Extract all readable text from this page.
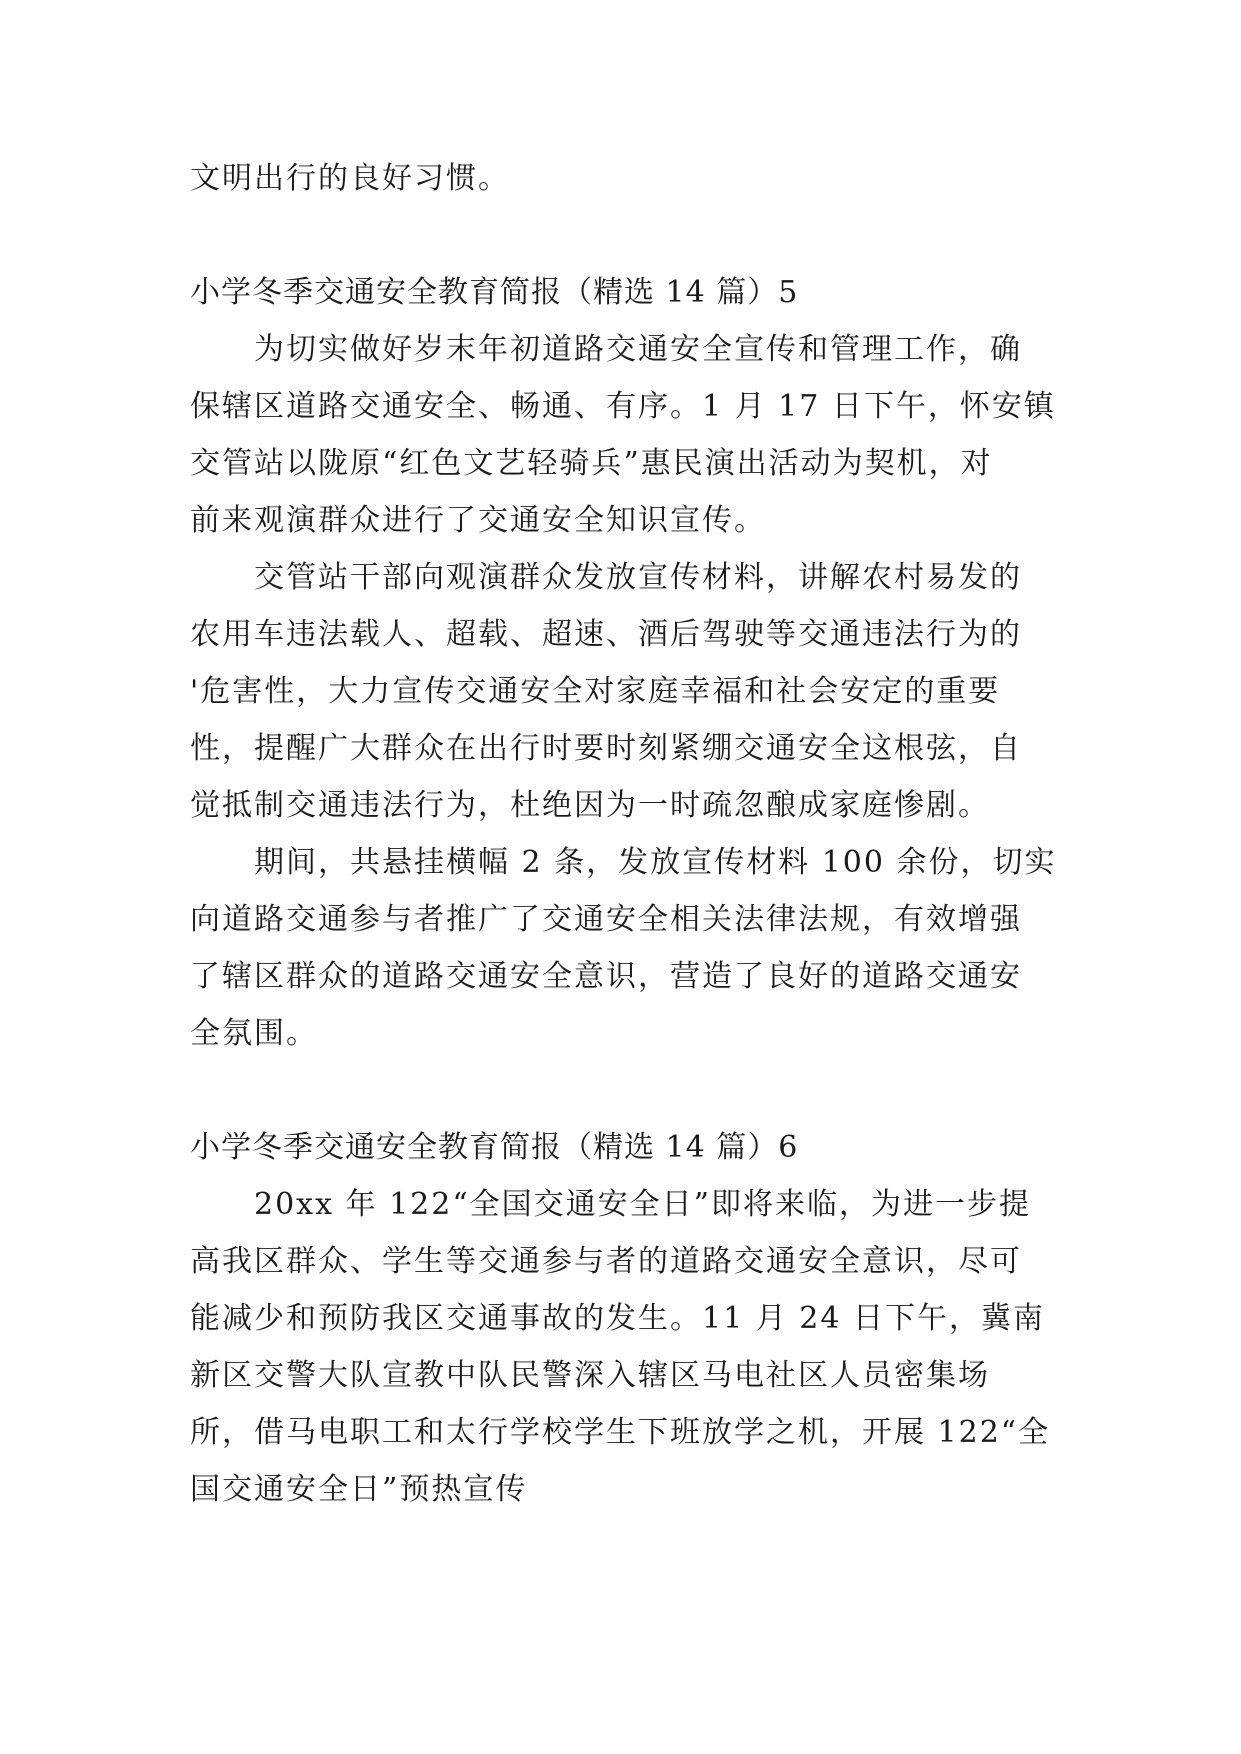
文明出行的良好习惯。
小学冬季交通安全教育简报（精选 14 篇）5
为切实做好岁末年初道路交通安全宣传和管理工作，确
保辖区道路交通安全、畅通、有序。1 月 17 日下午，怀安镇
交管站以陇原“红色文艺轻骑兵”惠民演出活动为契机，对
前来观演群众进行了交通安全知识宣传。
交管站干部向观演群众发放宣传材料，讲解农村易发的
农用车违法载人、超载、超速、酒后驾驶等交通违法行为的
'危害性，大力宣传交通安全对家庭幸福和社会安定的重要
性，提醒广大群众在出行时要时刻紧绷交通安全这根弦，自
觉抵制交通违法行为，杜绝因为一时疏忽酿成家庭惨剧。
期间，共悬挂横幅 2 条，发放宣传材料 100 余份，切实
向道路交通参与者推广了交通安全相关法律法规，有效增强
了辖区群众的道路交通安全意识，营造了良好的道路交通安
全氛围。
小学冬季交通安全教育简报（精选 14 篇）6
20xx 年 122“全国交通安全日”即将来临，为进一步提
高我区群众、学生等交通参与者的道路交通安全意识，尽可
能减少和预防我区交通事故的发生。11 月 24 日下午，冀南
新区交警大队宣教中队民警深入辖区马电社区人员密集场
所，借马电职工和太行学校学生下班放学之机，开展 122“全
国交通安全日”预热宣传
